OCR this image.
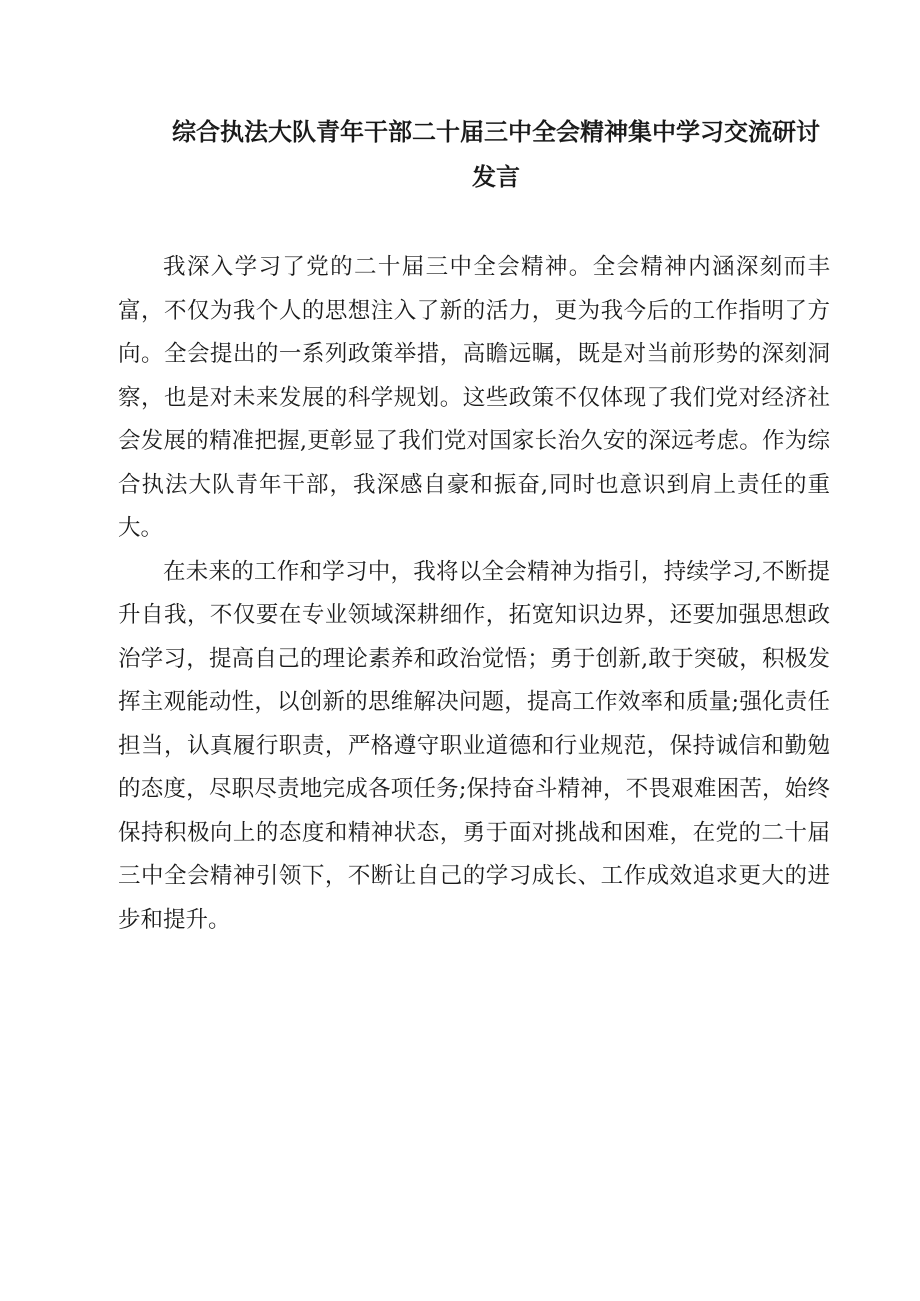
综合执法大队青年干部二十届三中全会精神集中学习交流研讨发言

我深入学习了党的二十届三中全会精神。全会精神内涵深刻而丰富，不仅为我个人的思想注入了新的活力，更为我今后的工作指明了方向。全会提出的一系列政策举措，高瞻远瞩，既是对当前形势的深刻洞察，也是对未来发展的科学规划。这些政策不仅体现了我们党对经济社会发展的精准把握,更彰显了我们党对国家长治久安的深远考虑。作为综合执法大队青年干部，我深感自豪和振奋,同时也意识到肩上责任的重大。

在未来的工作和学习中，我将以全会精神为指引，持续学习,不断提升自我，不仅要在专业领域深耕细作，拓宽知识边界，还要加强思想政治学习，提高自己的理论素养和政治觉悟；勇于创新,敢于突破，积极发挥主观能动性，以创新的思维解决问题，提高工作效率和质量;强化责任担当，认真履行职责，严格遵守职业道德和行业规范，保持诚信和勤勉的态度，尽职尽责地完成各项任务;保持奋斗精神，不畏艰难困苦，始终保持积极向上的态度和精神状态，勇于面对挑战和困难，在党的二十届三中全会精神引领下，不断让自己的学习成长、工作成效追求更大的进步和提升。
